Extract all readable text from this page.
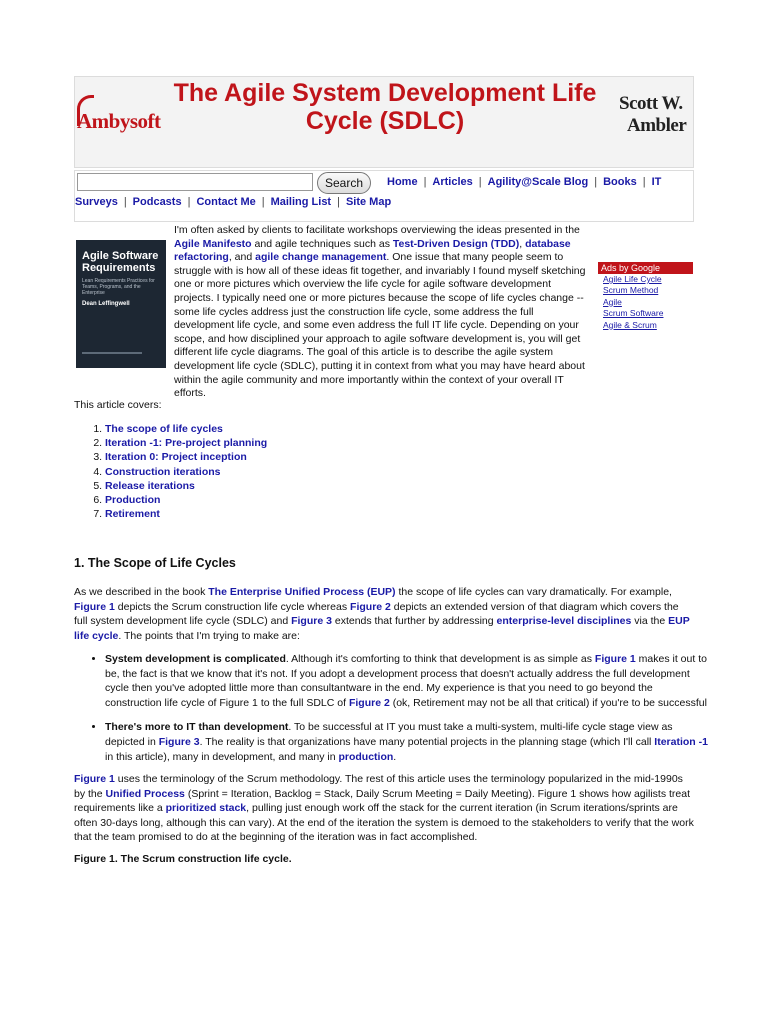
Ambysoft
The Agile System Development Life Cycle (SDLC)
Scott W.
Ambler
Search	Home | Articles | Agility@Scale Blog | Books | IT
Surveys | Podcasts | Contact Me | Mailing List | Site Map
Agile Software Requirements
Lean Requirements Practices for Teams, Programs, and the Enterprise
Dean Leffingwell
I'm often asked by clients to facilitate workshops overviewing the ideas presented in the Agile Manifesto and agile techniques such as Test-Driven Design (TDD), database refactoring, and agile change management. One issue that many people seem to struggle with is how all of these ideas fit together, and invariably I found myself sketching one or more pictures which overview the life cycle for agile software development projects. I typically need one or more pictures because the scope of life cycles change -- some life cycles address just the construction life cycle, some address the full development life cycle, and some even address the full IT life cycle. Depending on your scope, and how disciplined your approach to agile software development is, you will get different life cycle diagrams. The goal of this article is to describe the agile system development life cycle (SDLC), putting it in context from what you may have heard about within the agile community and more importantly within the context of your overall IT efforts.
Ads by Google
Agile Life Cycle
Scrum Method
Agile
Scrum Software
Agile & Scrum
This article covers:
1. The scope of life cycles
2. Iteration -1: Pre-project planning
3. Iteration 0: Project inception
4. Construction iterations
5. Release iterations
6. Production
7. Retirement
1. The Scope of Life Cycles
As we described in the book The Enterprise Unified Process (EUP) the scope of life cycles can vary dramatically. For example, Figure 1 depicts the Scrum construction life cycle whereas Figure 2 depicts an extended version of that diagram which covers the full system development life cycle (SDLC) and Figure 3 extends that further by addressing enterprise-level disciplines via the EUP life cycle. The points that I'm trying to make are:
• System development is complicated. Although it's comforting to think that development is as simple as Figure 1 makes it out to be, the fact is that we know that it's not. If you adopt a development process that doesn't actually address the full development cycle then you've adopted little more than consultantware in the end. My experience is that you need to go beyond the construction life cycle of Figure 1 to the full SDLC of Figure 2 (ok, Retirement may not be all that critical) if you're to be successful
• There's more to IT than development. To be successful at IT you must take a multi-system, multi-life cycle stage view as depicted in Figure 3. The reality is that organizations have many potential projects in the planning stage (which I'll call Iteration -1 in this article), many in development, and many in production.
Figure 1 uses the terminology of the Scrum methodology. The rest of this article uses the terminology popularized in the mid-1990s by the Unified Process (Sprint = Iteration, Backlog = Stack, Daily Scrum Meeting = Daily Meeting). Figure 1 shows how agilists treat requirements like a prioritized stack, pulling just enough work off the stack for the current iteration (in Scrum iterations/sprints are often 30-days long, although this can vary). At the end of the iteration the system is demoed to the stakeholders to verify that the work that the team promised to do at the beginning of the iteration was in fact accomplished.
Figure 1. The Scrum construction life cycle.
